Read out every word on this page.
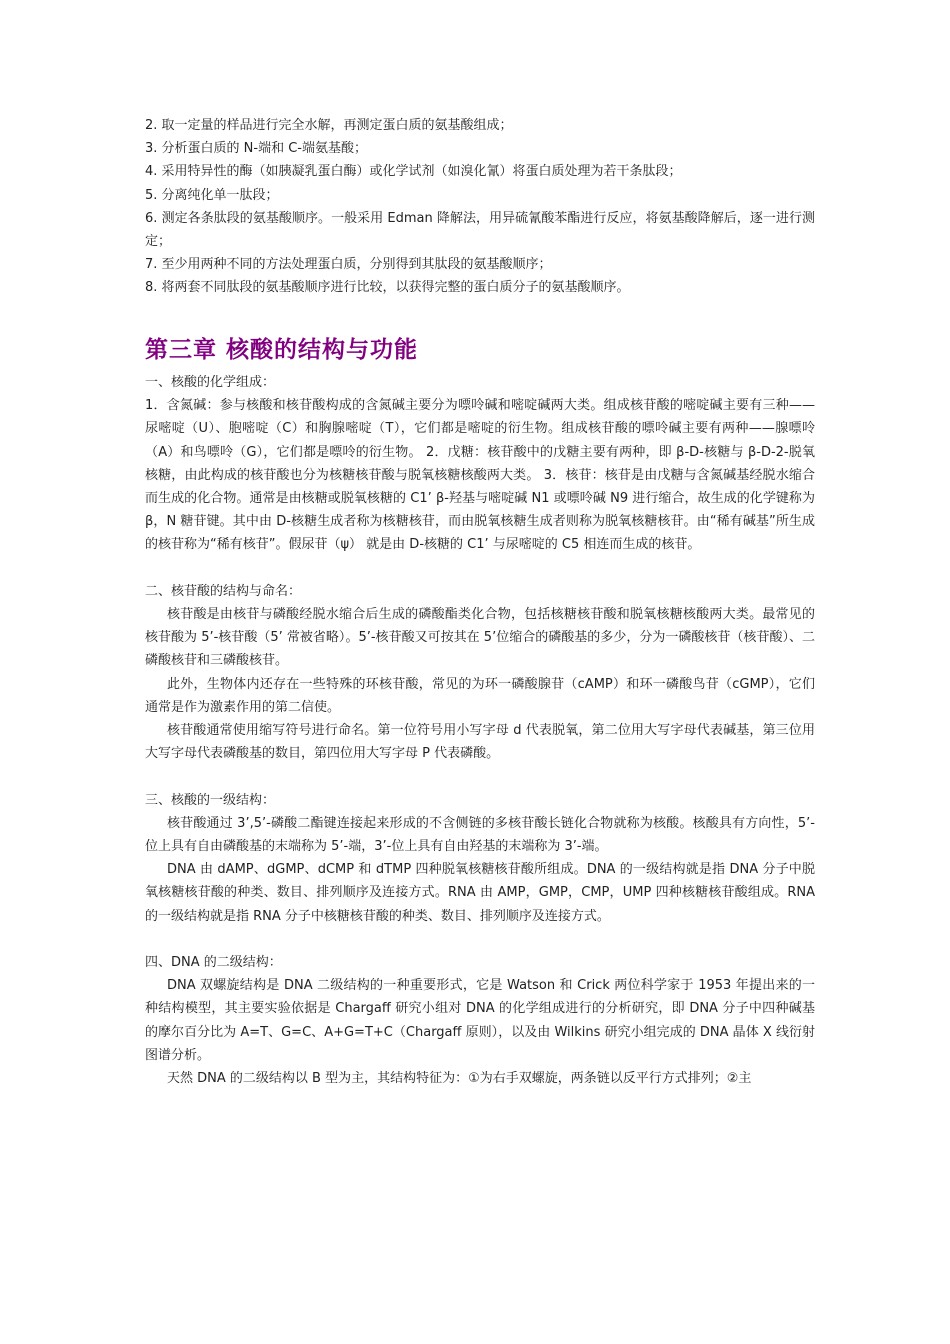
2. 取一定量的样品进行完全水解，再测定蛋白质的氨基酸组成；

3. 分析蛋白质的 N-端和 C-端氨基酸；

4. 采用特异性的酶（如胰凝乳蛋白酶）或化学试剂（如溴化氰）将蛋白质处理为若干条肽段；

5. 分离纯化单一肽段；

6. 测定各条肽段的氨基酸顺序。一般采用 Edman 降解法，用异硫氰酸苯酯进行反应，将氨基酸降解后，逐一进行测定；

7. 至少用两种不同的方法处理蛋白质，分别得到其肽段的氨基酸顺序；

8. 将两套不同肽段的氨基酸顺序进行比较，以获得完整的蛋白质分子的氨基酸顺序。

第三章 核酸的结构与功能

一、核酸的化学组成：

1．含氮碱：参与核酸和核苷酸构成的含氮碱主要分为嘌呤碱和嘧啶碱两大类。组成核苷酸的嘧啶碱主要有三种——尿嘧啶（U）、胞嘧啶（C）和胸腺嘧啶（T），它们都是嘧啶的衍生物。组成核苷酸的嘌呤碱主要有两种——腺嘌呤（A）和鸟嘌呤（G），它们都是嘌呤的衍生物。 2．戊糖：核苷酸中的戊糖主要有两种，即 β-D-核糖与 β-D-2-脱氧核糖，由此构成的核苷酸也分为核糖核苷酸与脱氧核糖核酸两大类。 3．核苷：核苷是由戊糖与含氮碱基经脱水缩合而生成的化合物。通常是由核糖或脱氧核糖的 C1’ β-羟基与嘧啶碱 N1 或嘌呤碱 N9 进行缩合，故生成的化学键称为 β，N 糖苷键。其中由 D-核糖生成者称为核糖核苷，而由脱氧核糖生成者则称为脱氧核糖核苷。由“稀有碱基”所生成的核苷称为“稀有核苷”。假尿苷（ψ） 就是由 D-核糖的 C1’ 与尿嘧啶的 C5 相连而生成的核苷。

二、核苷酸的结构与命名：

核苷酸是由核苷与磷酸经脱水缩合后生成的磷酸酯类化合物，包括核糖核苷酸和脱氧核糖核酸两大类。最常见的核苷酸为 5’-核苷酸（5’ 常被省略）。5’-核苷酸又可按其在 5’位缩合的磷酸基的多少，分为一磷酸核苷（核苷酸）、二磷酸核苷和三磷酸核苷。

此外，生物体内还存在一些特殊的环核苷酸，常见的为环一磷酸腺苷（cAMP）和环一磷酸鸟苷（cGMP），它们通常是作为激素作用的第二信使。

核苷酸通常使用缩写符号进行命名。第一位符号用小写字母 d 代表脱氧，第二位用大写字母代表碱基，第三位用大写字母代表磷酸基的数目，第四位用大写字母 P 代表磷酸。

三、核酸的一级结构：

核苷酸通过 3’,5’-磷酸二酯键连接起来形成的不含侧链的多核苷酸长链化合物就称为核酸。核酸具有方向性，5’-位上具有自由磷酸基的末端称为 5’-端，3’-位上具有自由羟基的末端称为 3’-端。

DNA 由 dAMP、dGMP、dCMP 和 dTMP 四种脱氧核糖核苷酸所组成。DNA 的一级结构就是指 DNA 分子中脱氧核糖核苷酸的种类、数目、排列顺序及连接方式。RNA 由 AMP，GMP，CMP，UMP 四种核糖核苷酸组成。RNA 的一级结构就是指 RNA 分子中核糖核苷酸的种类、数目、排列顺序及连接方式。

四、DNA 的二级结构：

DNA 双螺旋结构是 DNA 二级结构的一种重要形式，它是 Watson 和 Crick 两位科学家于 1953 年提出来的一种结构模型，其主要实验依据是 Chargaff 研究小组对 DNA 的化学组成进行的分析研究，即 DNA 分子中四种碱基的摩尔百分比为 A=T、G=C、A+G=T+C（Chargaff 原则），以及由 Wilkins 研究小组完成的 DNA 晶体 X 线衍射图谱分析。

天然 DNA 的二级结构以 B 型为主，其结构特征为：①为右手双螺旋，两条链以反平行方式排列；②主
